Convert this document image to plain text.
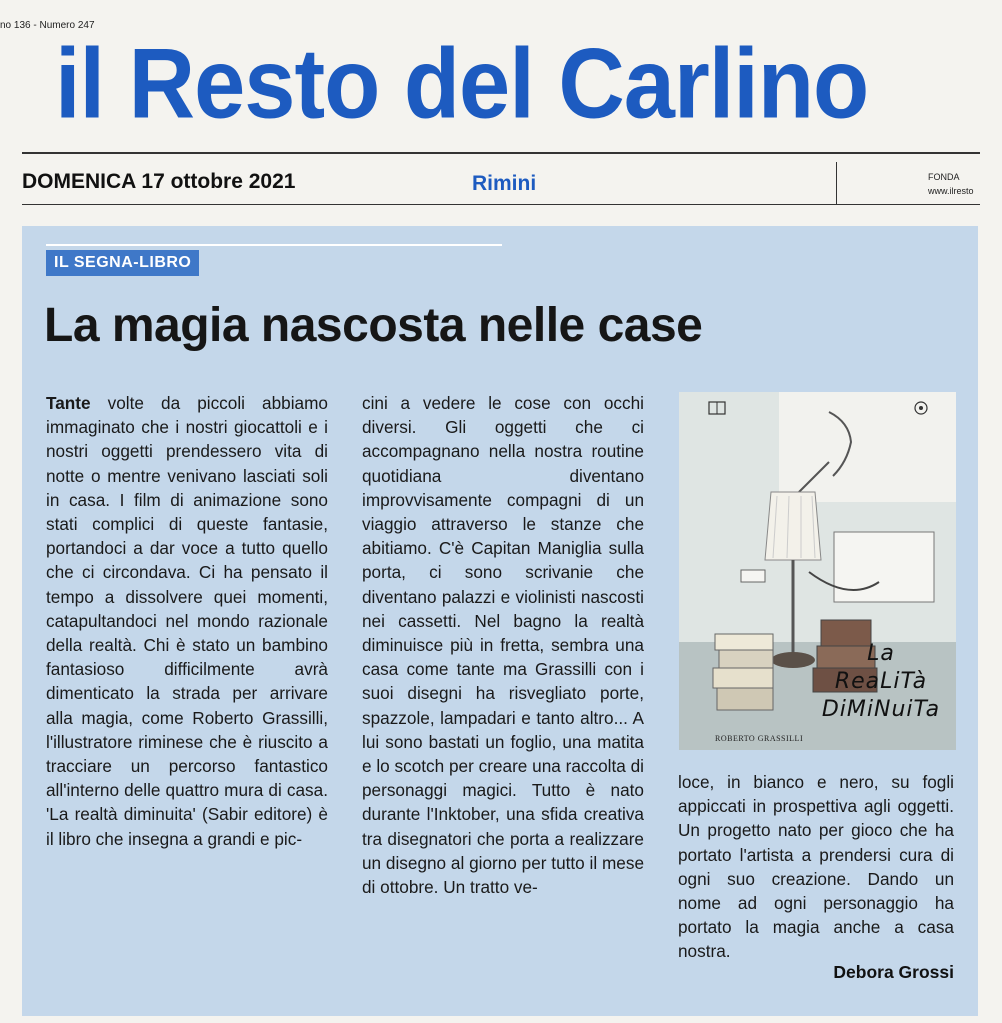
no 136 - Numero 247
il Resto del Carlino
DOMENICA 17 ottobre 2021	Rimini	FONDA
www.ilresto
IL SEGNA-LIBRO
La magia nascosta nelle case
Tante volte da piccoli abbiamo immaginato che i nostri giocattoli e i nostri oggetti prendessero vita di notte o mentre venivano lasciati soli in casa. I film di animazione sono stati complici di queste fantasie, portandoci a dar voce a tutto quello che ci circondava. Ci ha pensato il tempo a dissolvere quei momenti, catapultandoci nel mondo razionale della realtà. Chi è stato un bambino fantasioso difficilmente avrà dimenticato la strada per arrivare alla magia, come Roberto Grassilli, l'illustratore riminese che è riuscito a tracciare un percorso fantastico all'interno delle quattro mura di casa. 'La realtà diminuita' (Sabir editore) è il libro che insegna a grandi e pic-
cini a vedere le cose con occhi diversi. Gli oggetti che ci accompagnano nella nostra routine quotidiana diventano improvvisamente compagni di un viaggio attraverso le stanze che abitiamo. C'è Capitan Maniglia sulla porta, ci sono scrivanie che diventano palazzi e violinisti nascosti nei cassetti. Nel bagno la realtà diminuisce più in fretta, sembra una casa come tante ma Grassilli con i suoi disegni ha risvegliato porte, spazzole, lampadari e tanto altro... A lui sono bastati un foglio, una matita e lo scotch per creare una raccolta di personaggi magici. Tutto è nato durante l'Inktober, una sfida creativa tra disegnatori che porta a realizzare un disegno al giorno per tutto il mese di ottobre. Un tratto ve-
La
ReaLiTà
DiMiNuiTa
ROBERTO GRASSILLI
loce, in bianco e nero, su fogli appiccati in prospettiva agli oggetti. Un progetto nato per gioco che ha portato l'artista a prendersi cura di ogni suo creazione. Dando un nome ad ogni personaggio ha portato la magia anche a casa nostra.
Debora Grossi
